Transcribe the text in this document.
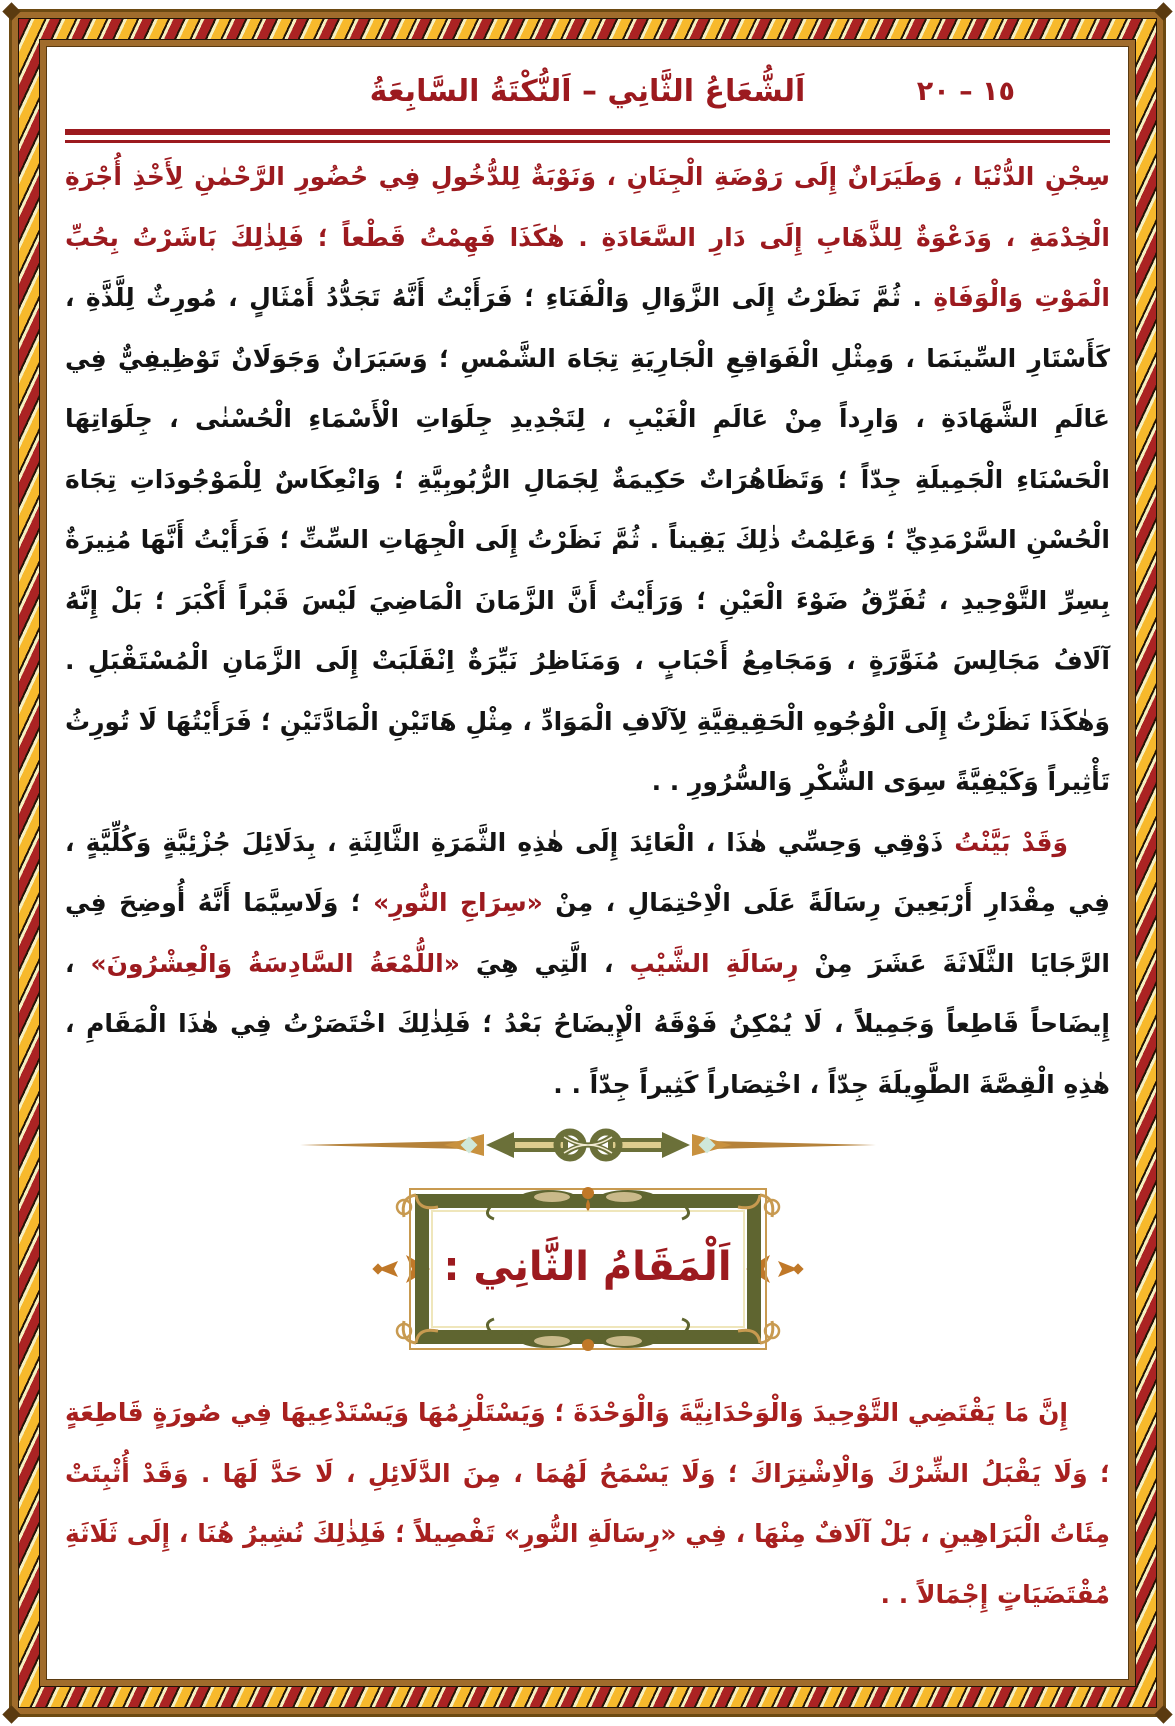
اَلشُّعَاعُ الثَّانِي – اَلنُّكْتَةُ السَّابِعَةُ	١٥ – ٢٠

سِجْنِ الدُّنْيَا ، وَطَيَرَانٌ إِلَى رَوْضَةِ الْجِنَانِ ، وَنَوْبَةٌ لِلدُّخُولِ فِي حُضُورِ الرَّحْمٰنِ لِأَخْذِ أُجْرَةِ الْخِدْمَةِ ، وَدَعْوَةٌ لِلذَّهَابِ إِلَى دَارِ السَّعَادَةِ . هٰكَذَا فَهِمْتُ قَطْعاً ؛ فَلِذٰلِكَ بَاشَرْتُ بِحُبِّ الْمَوْتِ وَالْوَفَاةِ . ثُمَّ نَظَرْتُ إِلَى الزَّوَالِ وَالْفَنَاءِ ؛ فَرَأَيْتُ أَنَّهُ تَجَدُّدُ أَمْثَالٍ ، مُورِثٌ لِلَّذَّةِ ، كَأَسْتَارِ السِّينَمَا ، وَمِثْلِ الْفَوَاقِعِ الْجَارِيَةِ تِجَاهَ الشَّمْسِ ؛ وَسَيَرَانٌ وَجَوَلَانٌ تَوْظِيفِيٌّ فِي عَالَمِ الشَّهَادَةِ ، وَارِداً مِنْ عَالَمِ الْغَيْبِ ، لِتَجْدِيدِ جِلَوَاتِ الْأَسْمَاءِ الْحُسْنٰى ، جِلَوَاتِهَا الْحَسْنَاءِ الْجَمِيلَةِ جِدّاً ؛ وَتَظَاهُرَاتٌ حَكِيمَةٌ لِجَمَالِ الرُّبُوبِيَّةِ ؛ وَانْعِكَاسٌ لِلْمَوْجُودَاتِ تِجَاهَ الْحُسْنِ السَّرْمَدِيِّ ؛ وَعَلِمْتُ ذٰلِكَ يَقِيناً . ثُمَّ نَظَرْتُ إِلَى الْجِهَاتِ السِّتِّ ؛ فَرَأَيْتُ أَنَّهَا مُنِيرَةٌ بِسِرِّ التَّوْحِيدِ ، تُفَرِّقُ ضَوْءَ الْعَيْنِ ؛ وَرَأَيْتُ أَنَّ الزَّمَانَ الْمَاضِيَ لَيْسَ قَبْراً أَكْبَرَ ؛ بَلْ إِنَّهُ آلَافُ مَجَالِسَ مُنَوَّرَةٍ ، وَمَجَامِعُ أَحْبَابٍ ، وَمَنَاظِرُ نَيِّرَةٌ اِنْقَلَبَتْ إِلَى الزَّمَانِ الْمُسْتَقْبَلِ . وَهٰكَذَا نَظَرْتُ إِلَى الْوُجُوهِ الْحَقِيقِيَّةِ لِآلَافِ الْمَوَادِّ ، مِثْلِ هَاتَيْنِ الْمَادَّتَيْنِ ؛ فَرَأَيْتُهَا لَا تُورِثُ تَأْثِيراً وَكَيْفِيَّةً سِوَى الشُّكْرِ وَالسُّرُورِ . .

وَقَدْ بَيَّنْتُ ذَوْقِي وَحِسِّي هٰذَا ، الْعَائِدَ إِلَى هٰذِهِ الثَّمَرَةِ الثَّالِثَةِ ، بِدَلَائِلَ جُزْئِيَّةٍ وَكُلِّيَّةٍ ، فِي مِقْدَارِ أَرْبَعِينَ رِسَالَةً عَلَى الْاِحْتِمَالِ ، مِنْ «سِرَاجِ النُّورِ» ؛ وَلَاسِيَّمَا أَنَّهُ أُوضِحَ فِي الرَّجَايَا الثَّلَاثَةَ عَشَرَ مِنْ رِسَالَةِ الشَّيْبِ ، الَّتِي هِيَ «اللُّمْعَةُ السَّادِسَةُ وَالْعِشْرُونَ» ، إِيضَاحاً قَاطِعاً وَجَمِيلاً ، لَا يُمْكِنُ فَوْقَهُ الْإِيضَاحُ بَعْدُ ؛ فَلِذٰلِكَ اخْتَصَرْتُ فِي هٰذَا الْمَقَامِ ، هٰذِهِ الْقِصَّةَ الطَّوِيلَةَ جِدّاً ، اخْتِصَاراً كَثِيراً جِدّاً . .

اَلْمَقَامُ الثَّانِي :

إِنَّ مَا يَقْتَضِي التَّوْحِيدَ وَالْوَحْدَانِيَّةَ وَالْوَحْدَةَ ؛ وَيَسْتَلْزِمُهَا وَيَسْتَدْعِيهَا فِي صُورَةٍ قَاطِعَةٍ ؛ وَلَا يَقْبَلُ الشِّرْكَ وَالْاِشْتِرَاكَ ؛ وَلَا يَسْمَحُ لَهُمَا ، مِنَ الدَّلَائِلِ ، لَا حَدَّ لَهَا . وَقَدْ أُثْبِتَتْ مِئَاتُ الْبَرَاهِينِ ، بَلْ آلَافٌ مِنْهَا ، فِي «رِسَالَةِ النُّورِ» تَفْصِيلاً ؛ فَلِذٰلِكَ نُشِيرُ هُنَا ، إِلَى ثَلَاثَةِ مُقْتَضَيَاتٍ إِجْمَالاً . .
